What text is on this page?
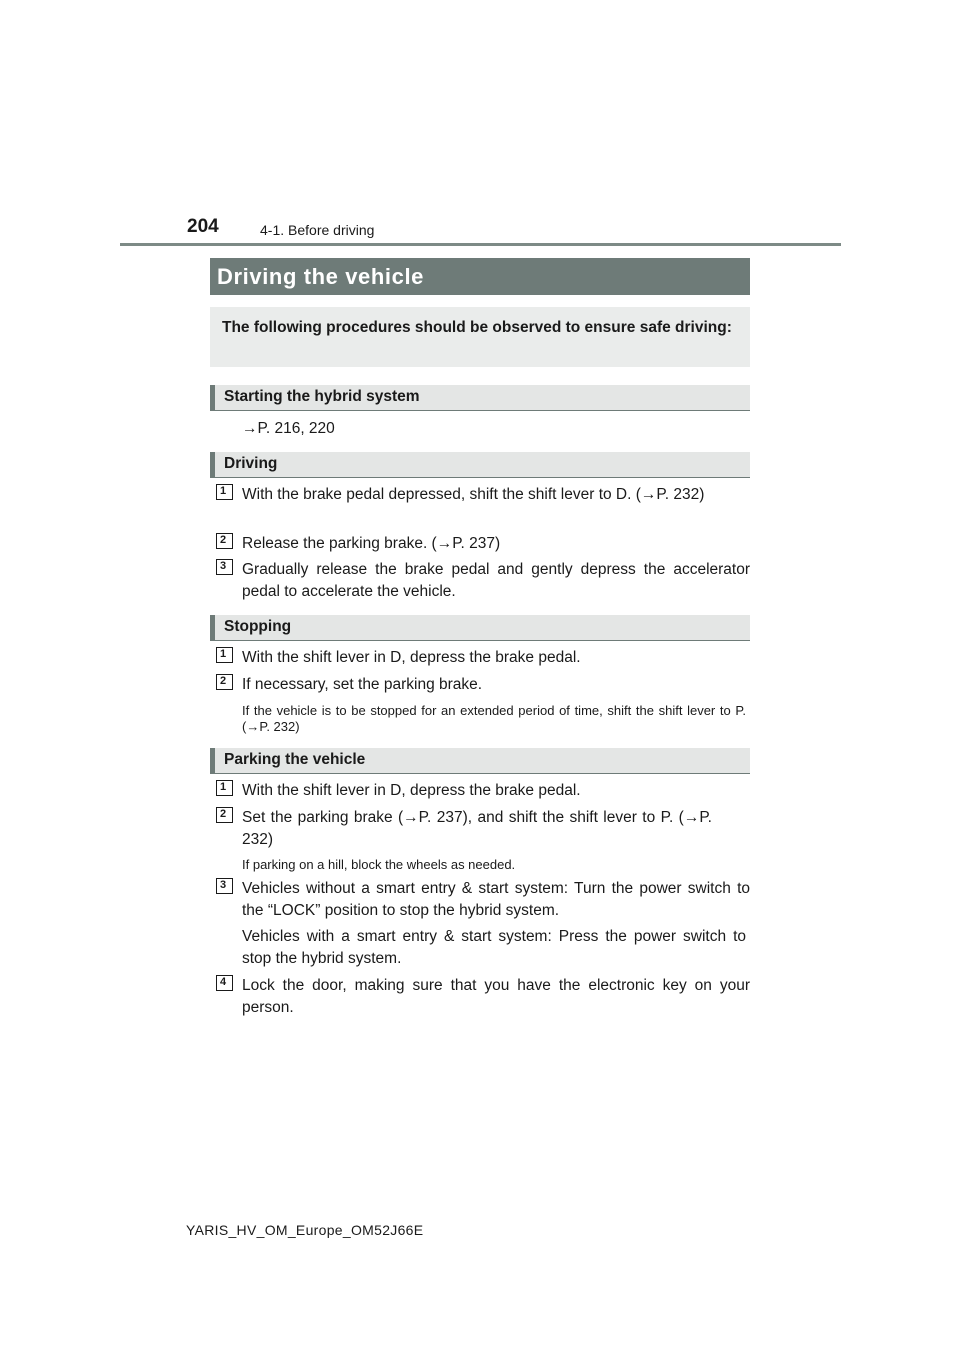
204	4-1. Before driving
Driving the vehicle
The following procedures should be observed to ensure safe driving:
Starting the hybrid system
→P. 216, 220
Driving
1	With the brake pedal depressed, shift the shift lever to D. (→P. 232)
2	Release the parking brake. (→P. 237)
3	Gradually release the brake pedal and gently depress the accelerator pedal to accelerate the vehicle.
Stopping
1	With the shift lever in D, depress the brake pedal.
2	If necessary, set the parking brake.
If the vehicle is to be stopped for an extended period of time, shift the shift lever to P. (→P. 232)
Parking the vehicle
1	With the shift lever in D, depress the brake pedal.
2	Set the parking brake (→P. 237), and shift the shift lever to P. (→P. 232)
If parking on a hill, block the wheels as needed.
3	Vehicles without a smart entry & start system: Turn the power switch to the “LOCK” position to stop the hybrid system.
Vehicles with a smart entry & start system: Press the power switch to stop the hybrid system.
4	Lock the door, making sure that you have the electronic key on your person.
YARIS_HV_OM_Europe_OM52J66E
